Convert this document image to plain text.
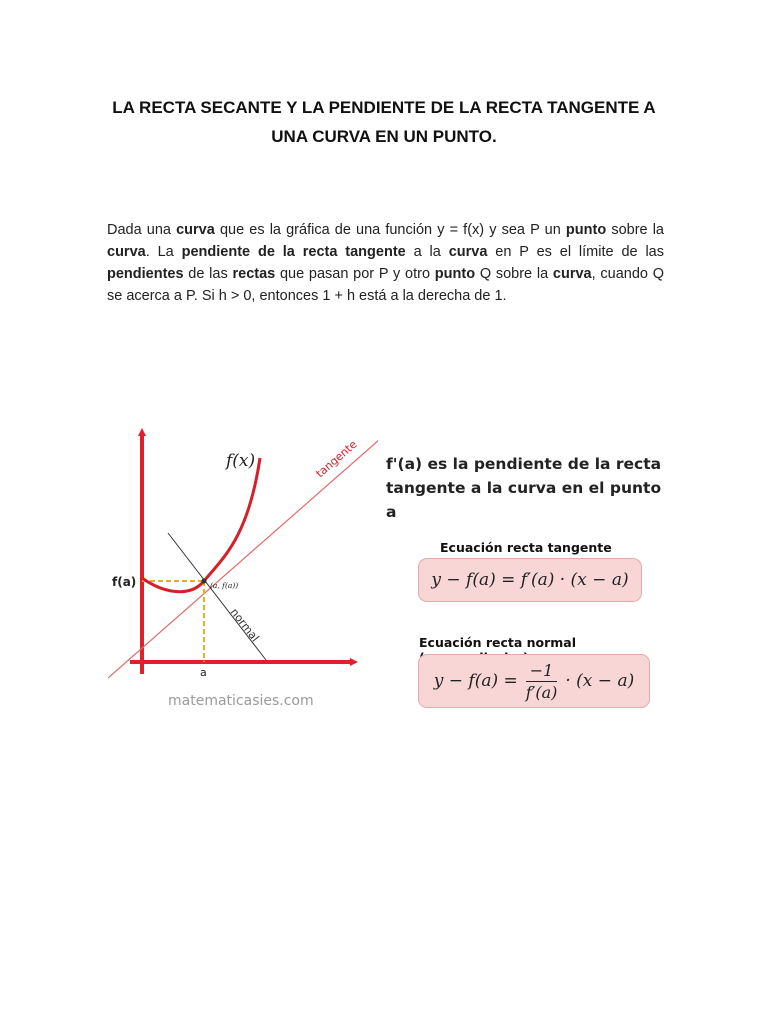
LA RECTA SECANTE Y LA PENDIENTE DE LA RECTA TANGENTE A
UNA CURVA EN UN PUNTO.
Dada una curva que es la gráfica de una función y = f(x) y sea P un punto sobre la curva. La pendiente de la recta tangente a la curva en P es el límite de las pendientes de las rectas que pasan por P y otro punto Q sobre la curva, cuando Q se acerca a P. Si h > 0, entonces 1 + h está a la derecha de 1.
f(x)	tangente
normal
f(a)
a
(a, f(a))
matematicasies.com
f'(a) es la pendiente de la recta
tangente a la curva en el punto a
Ecuación recta tangente
y − f(a) = f′(a) · (x − a)
Ecuación recta normal
$y - f(a) = \frac{-1}{f'(a)} \cdot (x - a)$
